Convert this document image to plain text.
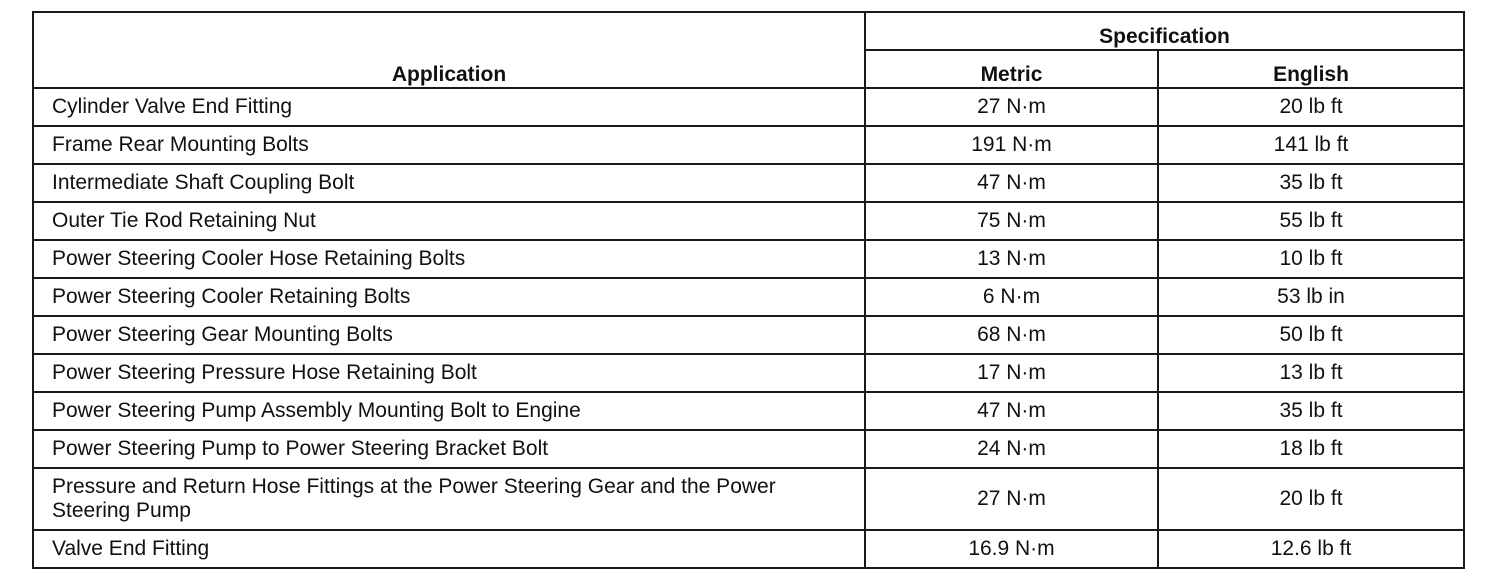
Application	Specification	
	Metric	English
Cylinder Valve End Fitting	27 N·m	20 lb ft
Frame Rear Mounting Bolts	191 N·m	141 lb ft
Intermediate Shaft Coupling Bolt	47 N·m	35 lb ft
Outer Tie Rod Retaining Nut	75 N·m	55 lb ft
Power Steering Cooler Hose Retaining Bolts	13 N·m	10 lb ft
Power Steering Cooler Retaining Bolts	6 N·m	53 lb in
Power Steering Gear Mounting Bolts	68 N·m	50 lb ft
Power Steering Pressure Hose Retaining Bolt	17 N·m	13 lb ft
Power Steering Pump Assembly Mounting Bolt to Engine	47 N·m	35 lb ft
Power Steering Pump to Power Steering Bracket Bolt	24 N·m	18 lb ft
Pressure and Return Hose Fittings at the Power Steering Gear and the Power Steering Pump	27 N·m	20 lb ft
Valve End Fitting	16.9 N·m	12.6 lb ft
